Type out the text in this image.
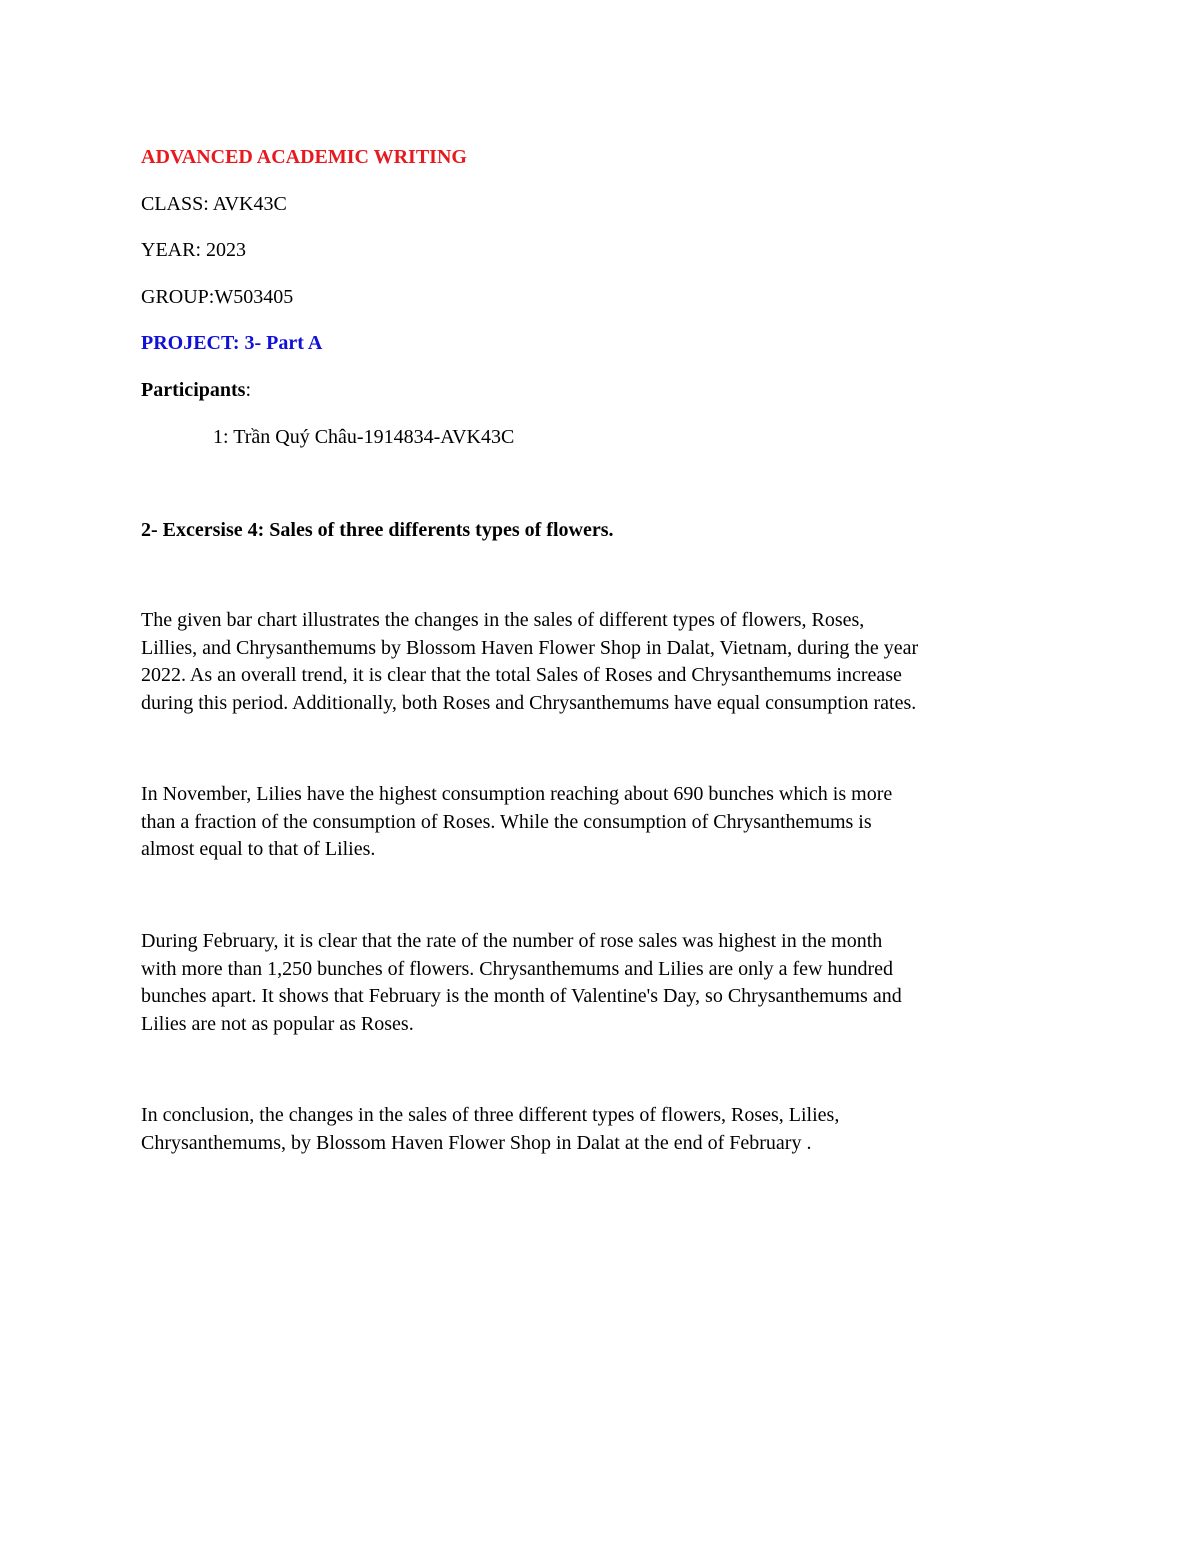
ADVANCED ACADEMIC WRITING
CLASS: AVK43C
YEAR: 2023
GROUP:W503405
PROJECT: 3- Part A
Participants:
1: Trần Quý Châu-1914834-AVK43C
2- Excersise 4: Sales of three differents types of flowers.
The given bar chart illustrates the changes in the sales of different types of flowers, Roses,
Lillies, and Chrysanthemums by Blossom Haven Flower Shop in Dalat, Vietnam, during the year
2022. As an overall trend, it is clear that the total Sales of Roses and Chrysanthemums increase
during this period. Additionally, both Roses and Chrysanthemums have equal consumption rates.
In November, Lilies have the highest consumption reaching about 690 bunches which is more
than a fraction of the consumption of Roses. While the consumption of Chrysanthemums is
almost equal to that of Lilies.
During February, it is clear that the rate of the number of rose sales was highest in the month
with more than 1,250 bunches of flowers. Chrysanthemums and Lilies are only a few hundred
bunches apart. It shows that February is the month of Valentine's Day, so Chrysanthemums and
Lilies are not as popular as Roses.
In conclusion, the changes in the sales of three different types of flowers, Roses, Lilies,
Chrysanthemums, by Blossom Haven Flower Shop in Dalat at the end of February .
